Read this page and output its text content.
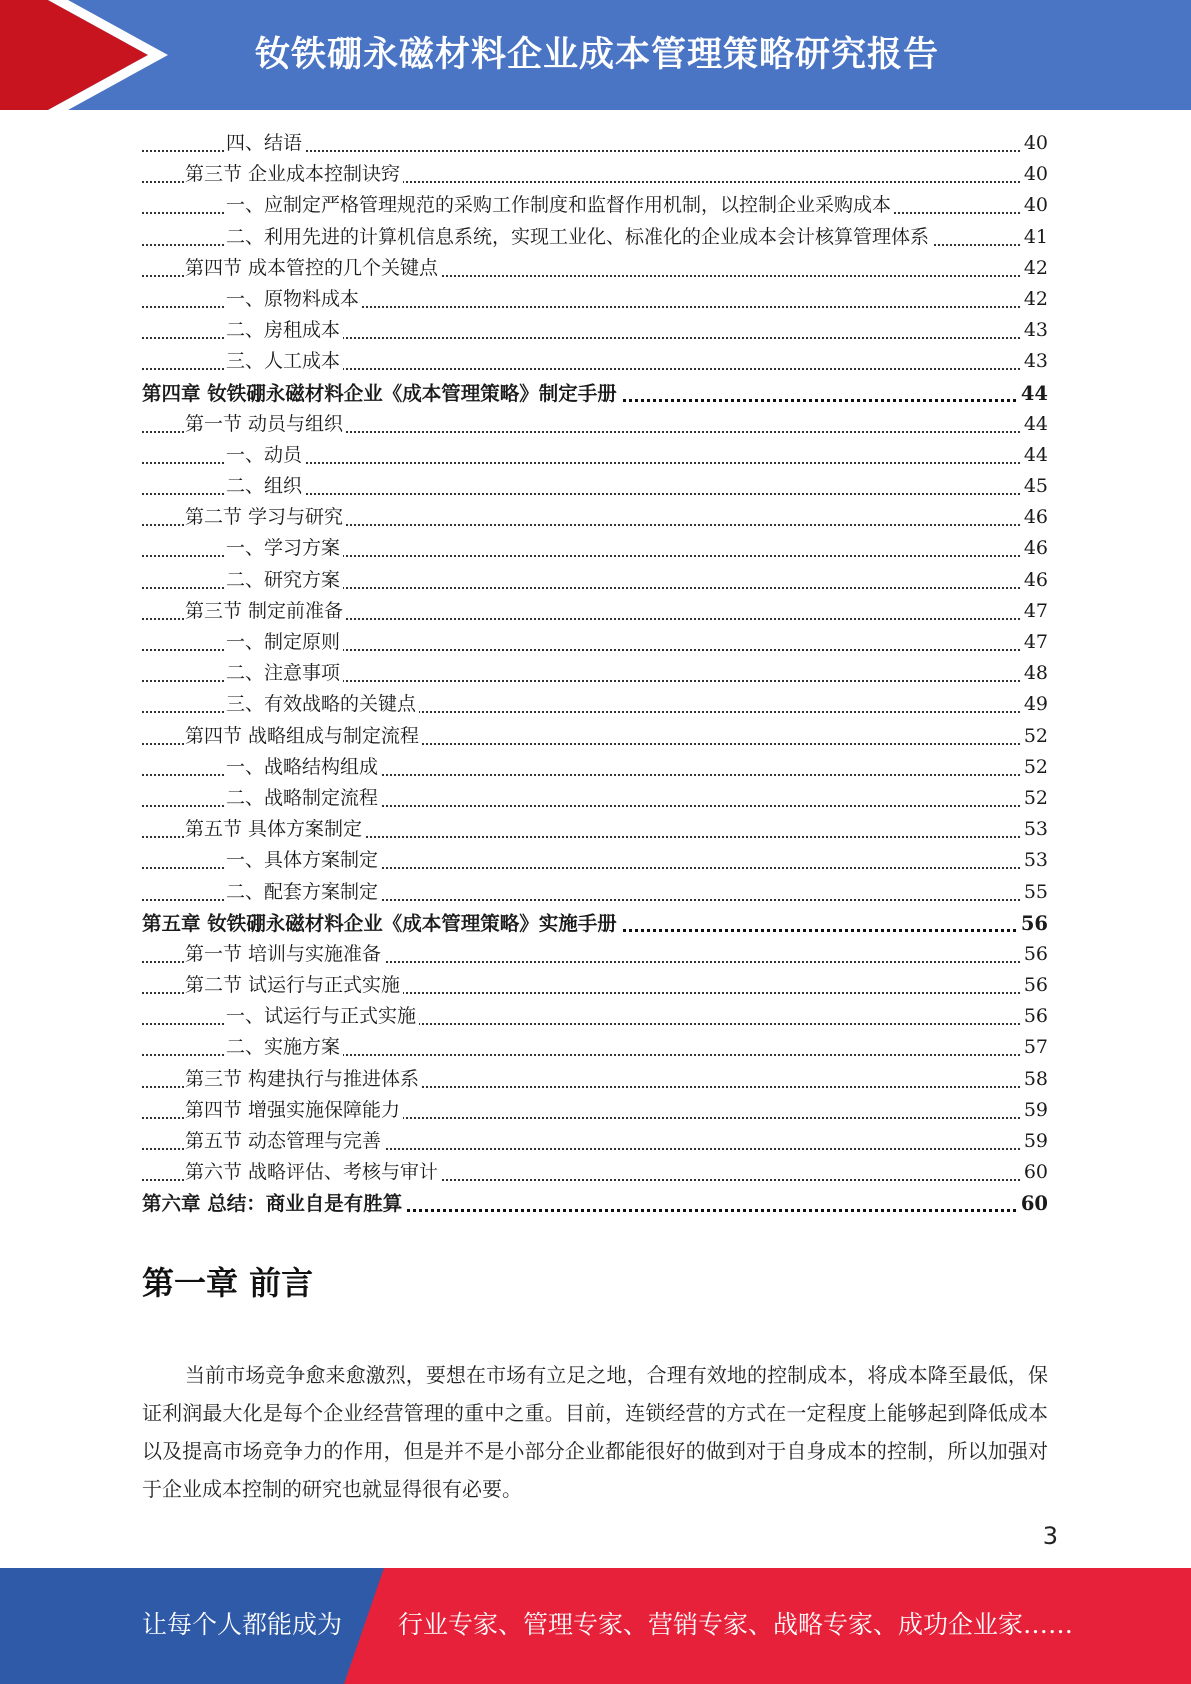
钕铁硼永磁材料企业成本管理策略研究报告
四、结语	40
第三节 企业成本控制诀窍	40
一、应制定严格管理规范的采购工作制度和监督作用机制，以控制企业采购成本	40
二、利用先进的计算机信息系统，实现工业化、标准化的企业成本会计核算管理体系	41
第四节 成本管控的几个关键点	42
一、原物料成本	42
二、房租成本	43
三、人工成本	43
第四章 钕铁硼永磁材料企业《成本管理策略》制定手册	44
第一节 动员与组织	44
一、动员	44
二、组织	45
第二节 学习与研究	46
一、学习方案	46
二、研究方案	46
第三节 制定前准备	47
一、制定原则	47
二、注意事项	48
三、有效战略的关键点	49
第四节 战略组成与制定流程	52
一、战略结构组成	52
二、战略制定流程	52
第五节 具体方案制定	53
一、具体方案制定	53
二、配套方案制定	55
第五章 钕铁硼永磁材料企业《成本管理策略》实施手册	56
第一节 培训与实施准备	56
第二节 试运行与正式实施	56
一、试运行与正式实施	56
二、实施方案	57
第三节 构建执行与推进体系	58
第四节 增强实施保障能力	59
第五节 动态管理与完善	59
第六节 战略评估、考核与审计	60
第六章 总结：商业自是有胜算	60
第一章 前言
当前市场竞争愈来愈激烈，要想在市场有立足之地，合理有效地的控制成本，将成本降至最低，保证利润最大化是每个企业经营管理的重中之重。目前，连锁经营的方式在一定程度上能够起到降低成本以及提高市场竞争力的作用，但是并不是小部分企业都能很好的做到对于自身成本的控制，所以加强对于企业成本控制的研究也就显得很有必要。
3
让每个人都能成为 行业专家、管理专家、营销专家、战略专家、成功企业家……
